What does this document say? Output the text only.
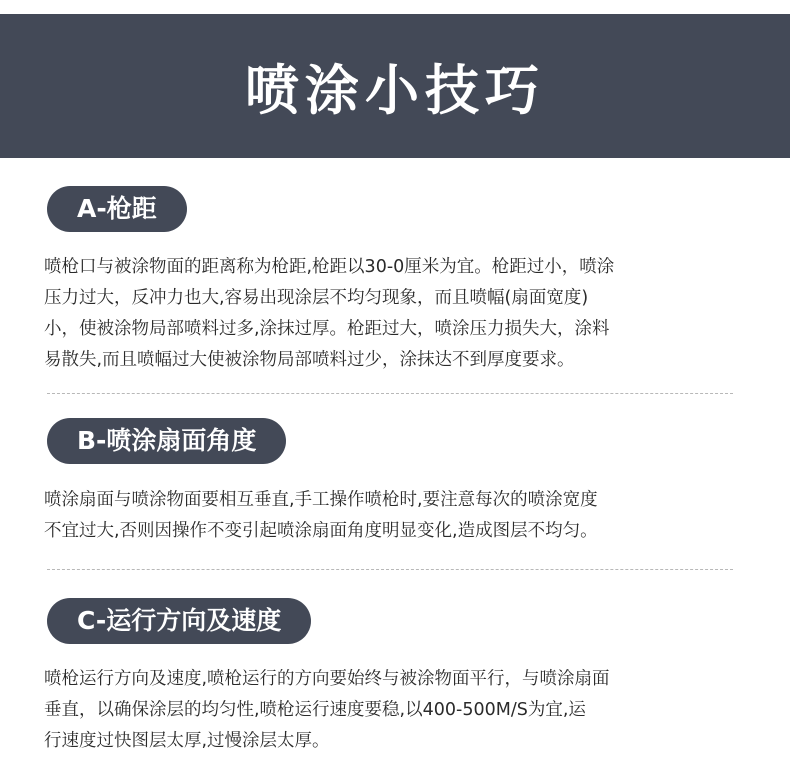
喷涂小技巧
A-枪距

喷枪口与被涂物面的距离称为枪距,枪距以30-0厘米为宜。枪距过小，喷涂
压力过大，反冲力也大,容易出现涂层不均匀现象，而且喷幅(扇面宽度)
小，使被涂物局部喷料过多,涂抹过厚。枪距过大，喷涂压力损失大，涂料
易散失,而且喷幅过大使被涂物局部喷料过少，涂抹达不到厚度要求。

B-喷涂扇面角度

喷涂扇面与喷涂物面要相互垂直,手工操作喷枪时,要注意每次的喷涂宽度
不宜过大,否则因操作不变引起喷涂扇面角度明显变化,造成图层不均匀。

C-运行方向及速度

喷枪运行方向及速度,喷枪运行的方向要始终与被涂物面平行，与喷涂扇面
垂直，以确保涂层的均匀性,喷枪运行速度要稳,以400-500M/S为宜,运
行速度过快图层太厚,过慢涂层太厚。
